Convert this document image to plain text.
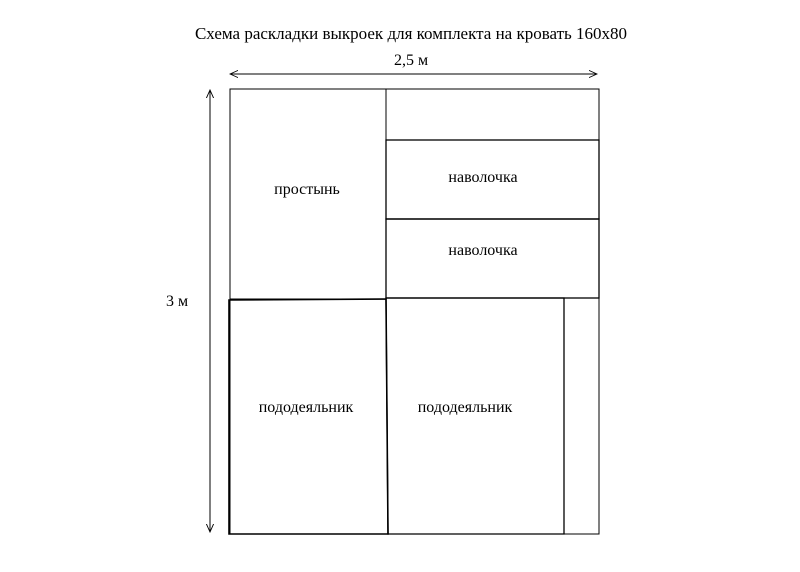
Схема раскладки выкроек для комплекта на кровать 160х80
2,5 м
3 м
простынь
наволочка
наволочка
пододеяльник	пододеяльник
